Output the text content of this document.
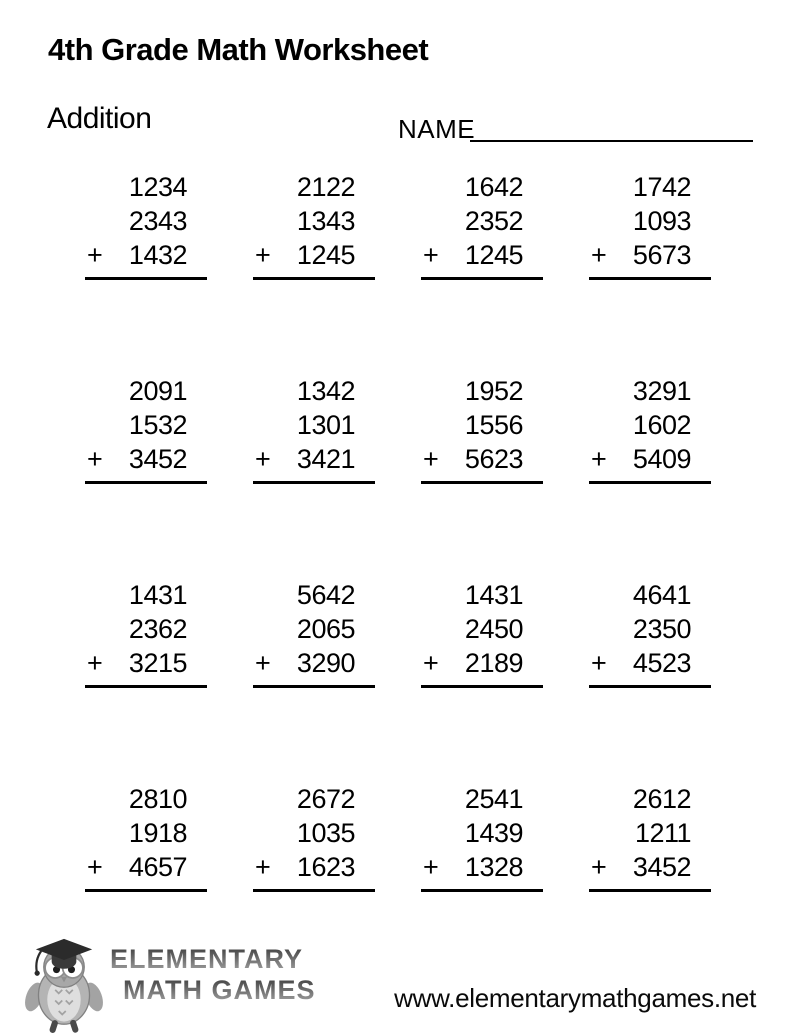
4th Grade Math Worksheet
Addition	NAME
1234
2343
+ 1432
2122
1343
+ 1245
1642
2352
+ 1245
1742
1093
+ 5673
2091
1532
+ 3452
1342
1301
+ 3421
1952
1556
+ 5623
3291
1602
+ 5409
1431
2362
+ 3215
5642
2065
+ 3290
1431
2450
+ 2189
4641
2350
+ 4523
2810
1918
+ 4657
2672
1035
+ 1623
2541
1439
+ 1328
2612
1211
+ 3452
ELEMENTARY
MATH GAMES	www.elementarymathgames.net
